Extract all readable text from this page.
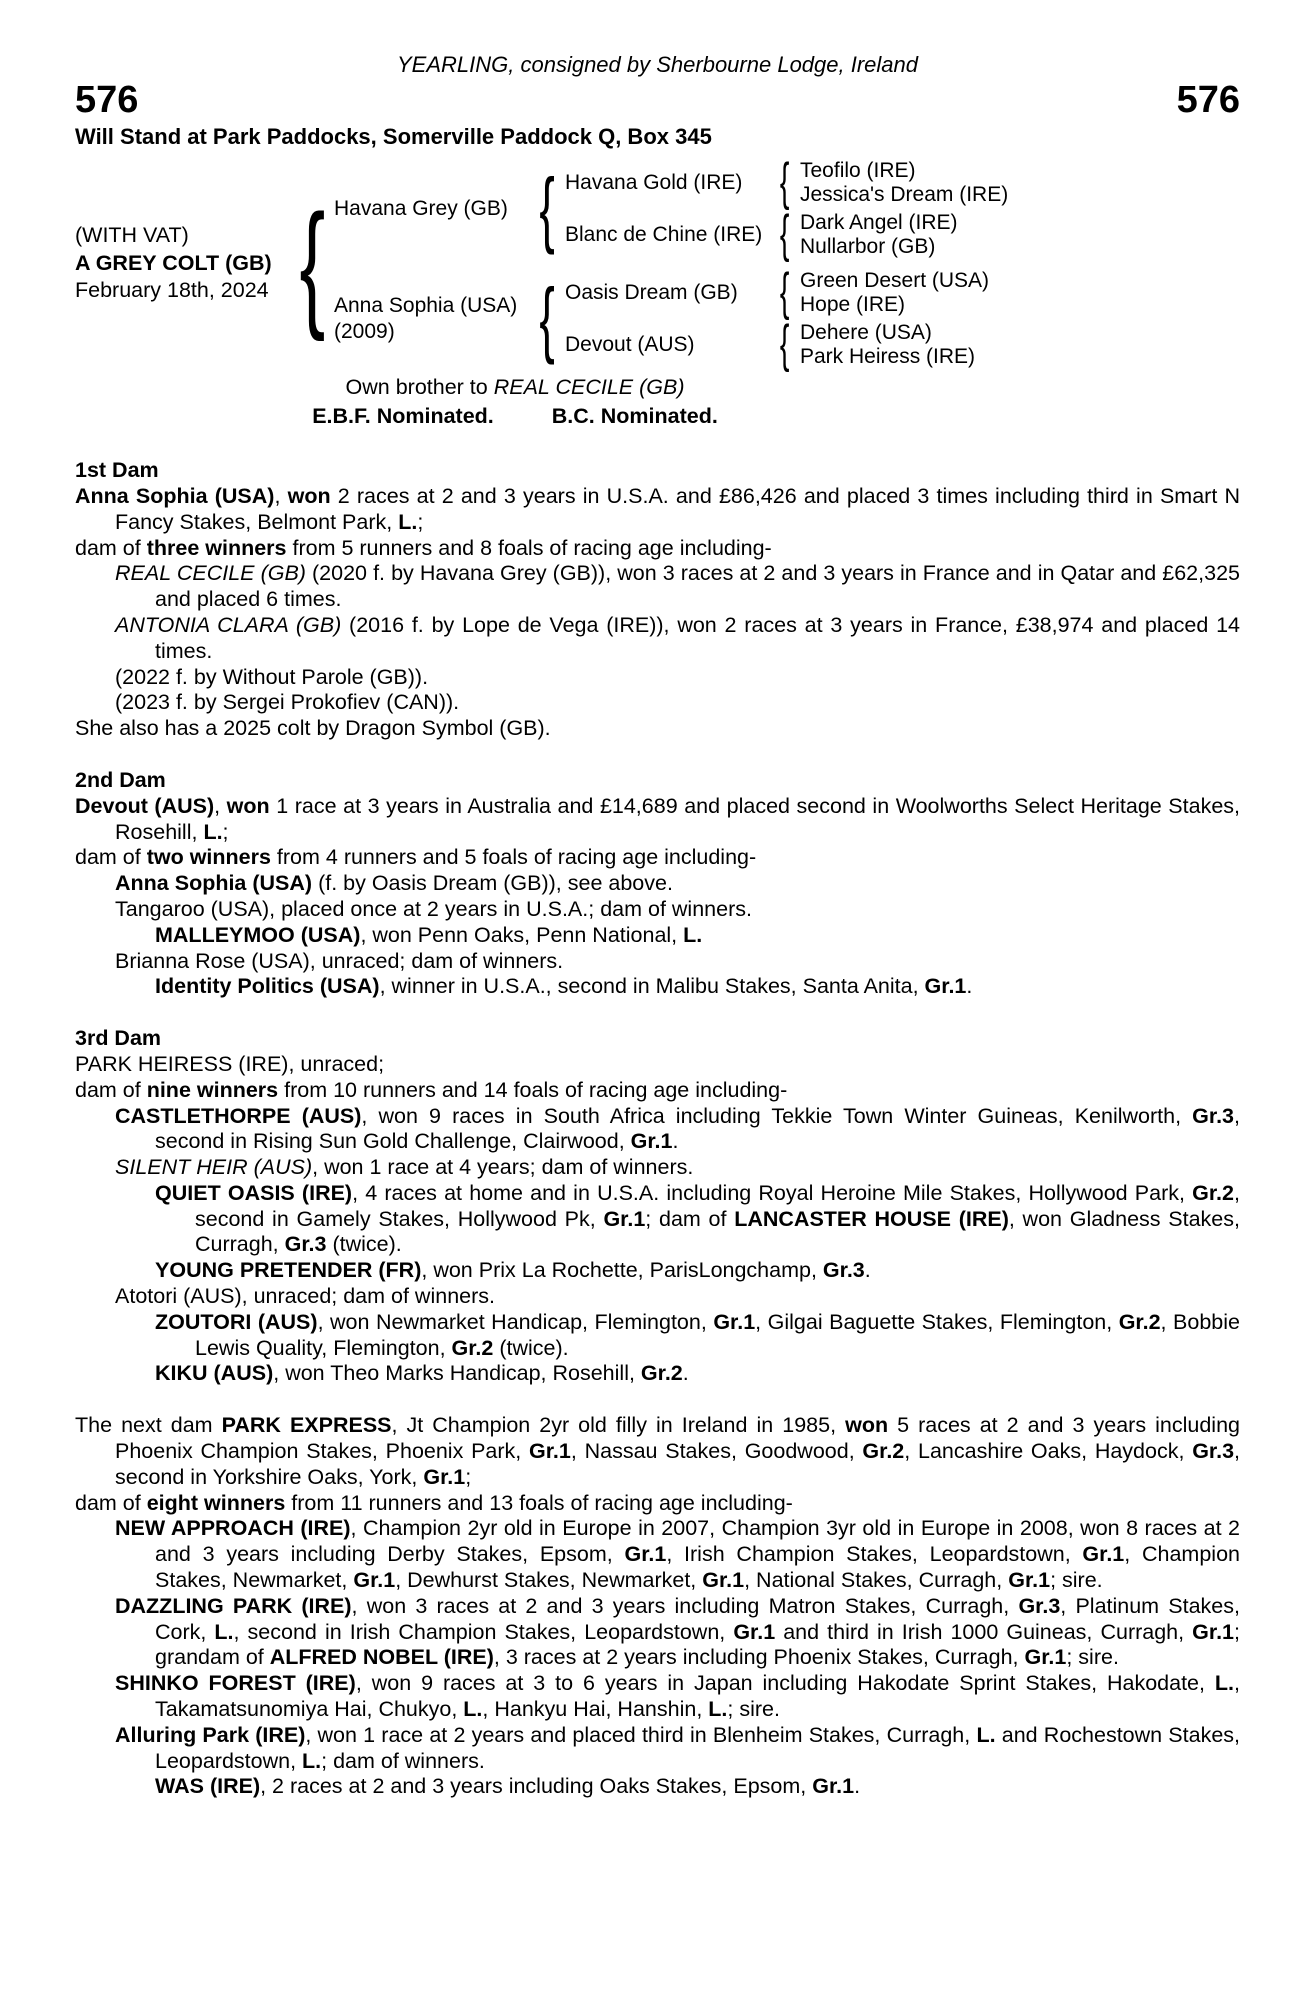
YEARLING, consigned by Sherbourne Lodge, Ireland
576	576
Will Stand at Park Paddocks, Somerville Paddock Q, Box 345
(WITH VAT)
A GREY COLT (GB)
February 18th, 2024
{
Havana Grey (GB)
{
Havana Gold (IRE)
{
Teofilo (IRE)
Jessica's Dream (IRE)
Blanc de Chine (IRE)
{
Dark Angel (IRE)
Nullarbor (GB)
Anna Sophia (USA)
(2009)
{
Oasis Dream (GB)
{
Green Desert (USA)
Hope (IRE)
Devout (AUS)
{
Dehere (USA)
Park Heiress (IRE)
Own brother to REAL CECILE (GB)
E.B.F. Nominated.	B.C. Nominated.
1st Dam
Anna Sophia (USA), won 2 races at 2 and 3 years in U.S.A. and £86,426 and placed 3 times including third in Smart N Fancy Stakes, Belmont Park, L.;
dam of three winners from 5 runners and 8 foals of racing age including-
REAL CECILE (GB) (2020 f. by Havana Grey (GB)), won 3 races at 2 and 3 years in France and in Qatar and £62,325 and placed 6 times.
ANTONIA CLARA (GB) (2016 f. by Lope de Vega (IRE)), won 2 races at 3 years in France, £38,974 and placed 14 times.
(2022 f. by Without Parole (GB)).
(2023 f. by Sergei Prokofiev (CAN)).
She also has a 2025 colt by Dragon Symbol (GB).
2nd Dam
Devout (AUS), won 1 race at 3 years in Australia and £14,689 and placed second in Woolworths Select Heritage Stakes, Rosehill, L.;
dam of two winners from 4 runners and 5 foals of racing age including-
Anna Sophia (USA) (f. by Oasis Dream (GB)), see above.
Tangaroo (USA), placed once at 2 years in U.S.A.; dam of winners.
MALLEYMOO (USA), won Penn Oaks, Penn National, L.
Brianna Rose (USA), unraced; dam of winners.
Identity Politics (USA), winner in U.S.A., second in Malibu Stakes, Santa Anita, Gr.1.
3rd Dam
PARK HEIRESS (IRE), unraced;
dam of nine winners from 10 runners and 14 foals of racing age including-
CASTLETHORPE (AUS), won 9 races in South Africa including Tekkie Town Winter Guineas, Kenilworth, Gr.3, second in Rising Sun Gold Challenge, Clairwood, Gr.1.
SILENT HEIR (AUS), won 1 race at 4 years; dam of winners.
QUIET OASIS (IRE), 4 races at home and in U.S.A. including Royal Heroine Mile Stakes, Hollywood Park, Gr.2, second in Gamely Stakes, Hollywood Pk, Gr.1; dam of LANCASTER HOUSE (IRE), won Gladness Stakes, Curragh, Gr.3 (twice).
YOUNG PRETENDER (FR), won Prix La Rochette, ParisLongchamp, Gr.3.
Atotori (AUS), unraced; dam of winners.
ZOUTORI (AUS), won Newmarket Handicap, Flemington, Gr.1, Gilgai Baguette Stakes, Flemington, Gr.2, Bobbie Lewis Quality, Flemington, Gr.2 (twice).
KIKU (AUS), won Theo Marks Handicap, Rosehill, Gr.2.
The next dam PARK EXPRESS, Jt Champion 2yr old filly in Ireland in 1985, won 5 races at 2 and 3 years including Phoenix Champion Stakes, Phoenix Park, Gr.1, Nassau Stakes, Goodwood, Gr.2, Lancashire Oaks, Haydock, Gr.3, second in Yorkshire Oaks, York, Gr.1;
dam of eight winners from 11 runners and 13 foals of racing age including-
NEW APPROACH (IRE), Champion 2yr old in Europe in 2007, Champion 3yr old in Europe in 2008, won 8 races at 2 and 3 years including Derby Stakes, Epsom, Gr.1, Irish Champion Stakes, Leopardstown, Gr.1, Champion Stakes, Newmarket, Gr.1, Dewhurst Stakes, Newmarket, Gr.1, National Stakes, Curragh, Gr.1; sire.
DAZZLING PARK (IRE), won 3 races at 2 and 3 years including Matron Stakes, Curragh, Gr.3, Platinum Stakes, Cork, L., second in Irish Champion Stakes, Leopardstown, Gr.1 and third in Irish 1000 Guineas, Curragh, Gr.1; grandam of ALFRED NOBEL (IRE), 3 races at 2 years including Phoenix Stakes, Curragh, Gr.1; sire.
SHINKO FOREST (IRE), won 9 races at 3 to 6 years in Japan including Hakodate Sprint Stakes, Hakodate, L., Takamatsunomiya Hai, Chukyo, L., Hankyu Hai, Hanshin, L.; sire.
Alluring Park (IRE), won 1 race at 2 years and placed third in Blenheim Stakes, Curragh, L. and Rochestown Stakes, Leopardstown, L.; dam of winners.
WAS (IRE), 2 races at 2 and 3 years including Oaks Stakes, Epsom, Gr.1.
